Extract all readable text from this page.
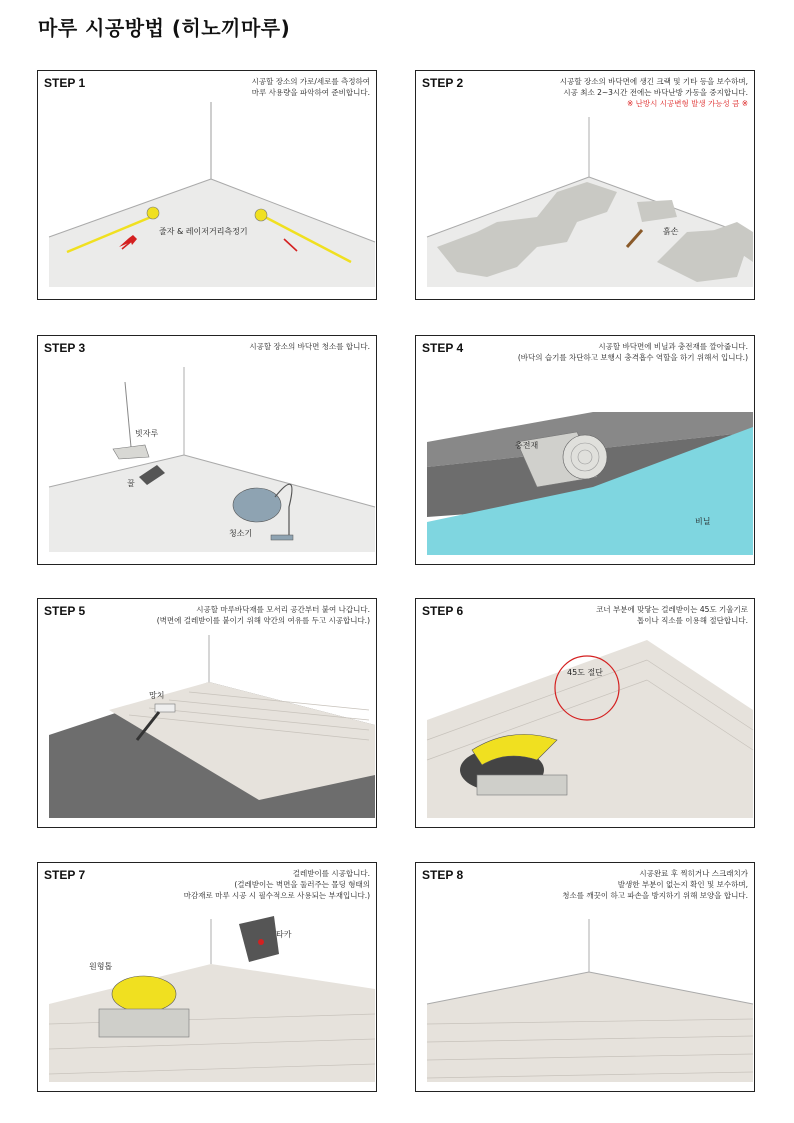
마루 시공방법 (히노끼마루)
STEP 1	시공할 장소의 가로/세로를 측정하여
마루 사용량을 파악하여 준비합니다.
줄자 & 레이저거리측정기
STEP 2	시공할 장소의 바닥면에 생긴 크랙 및 기타 등을 보수하며,
시공 최소 2~3시간 전에는 바닥난방 가동을 중지합니다.
※ 난방시 시공변형 발생 가능성 큼 ※
흙손
STEP 3	시공할 장소의 바닥면 청소를 합니다.
빗자루
꿀
청소기
STEP 4	시공할 바닥면에 비닐과 충전재를 깔아줍니다.
(바닥의 습기를 차단하고 보행시 충격흡수 역할을 하기 위해서 입니다.)
충전재
비닐
STEP 5	시공할 마루바닥재를 모서리 공간부터 붙여 나갑니다.
(벽면에 걸레받이를 붙이기 위해 약간의 여유를 두고 시공합니다.)
망치
STEP 6	코너 부분에 맞닿는 걸레받이는 45도 기울기로
톱이나 직소를 이용해 절단합니다.
45도 절단
STEP 7	걸레받이를 시공합니다.
(걸레받이는 벽면을 둘러주는 몰딩 형태의
마감재로 마루 시공 시 필수적으로 사용되는 부재입니다.)
타카
원형톱
STEP 8	시공완료 후 찍히거나 스크래치가
발생한 부분이 없는지 확인 및 보수하며,
청소를 깨끗이 하고 파손을 방지하기 위해 보양을 합니다.
